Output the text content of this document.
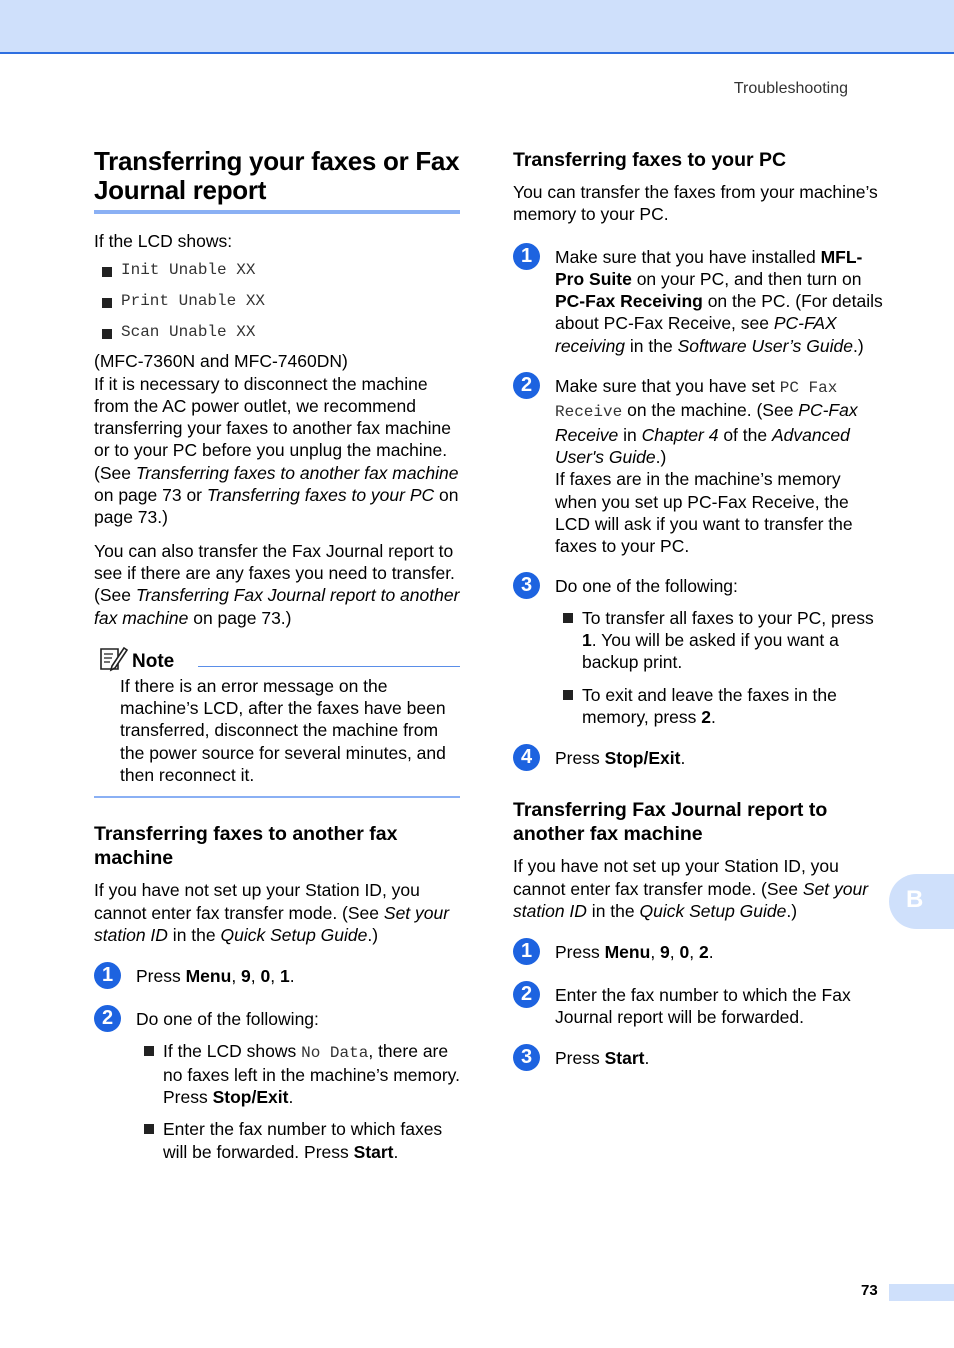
Troubleshooting
Transferring your faxes or Fax Journal report

If the LCD shows:

Init Unable XX
Print Unable XX
Scan Unable XX

(MFC-7360N and MFC-7460DN)

If it is necessary to disconnect the machine from the AC power outlet, we recommend transferring your faxes to another fax machine or to your PC before you unplug the machine. (See Transferring faxes to another fax machine on page 73 or Transferring faxes to your PC on page 73.)

You can also transfer the Fax Journal report to see if there are any faxes you need to transfer. (See Transferring Fax Journal report to another fax machine on page 73.)

Note

If there is an error message on the machine’s LCD, after the faxes have been transferred, disconnect the machine from the power source for several minutes, and then reconnect it.

Transferring faxes to another fax machine

If you have not set up your Station ID, you cannot enter fax transfer mode. (See Set your station ID in the Quick Setup Guide.)

1	Press Menu, 9, 0, 1.

2	Do one of the following:

If the LCD shows No Data, there are no faxes left in the machine’s memory. Press Stop/Exit.

Enter the fax number to which faxes will be forwarded. Press Start.

Transferring faxes to your PC

You can transfer the faxes from your machine’s memory to your PC.

1	Make sure that you have installed MFL-Pro Suite on your PC, and then turn on PC-Fax Receiving on the PC. (For details about PC-Fax Receive, see PC-FAX receiving in the Software User’s Guide.)

2	Make sure that you have set PC Fax Receive on the machine. (See PC-Fax Receive in Chapter 4 of the Advanced User's Guide.)

If faxes are in the machine’s memory when you set up PC-Fax Receive, the LCD will ask if you want to transfer the faxes to your PC.

3	Do one of the following:

To transfer all faxes to your PC, press 1. You will be asked if you want a backup print.

To exit and leave the faxes in the memory, press 2.

4	Press Stop/Exit.

Transferring Fax Journal report to another fax machine

If you have not set up your Station ID, you cannot enter fax transfer mode. (See Set your station ID in the Quick Setup Guide.)

1	Press Menu, 9, 0, 2.

2	Enter the fax number to which the Fax Journal report will be forwarded.

3	Press Start.

B
73
